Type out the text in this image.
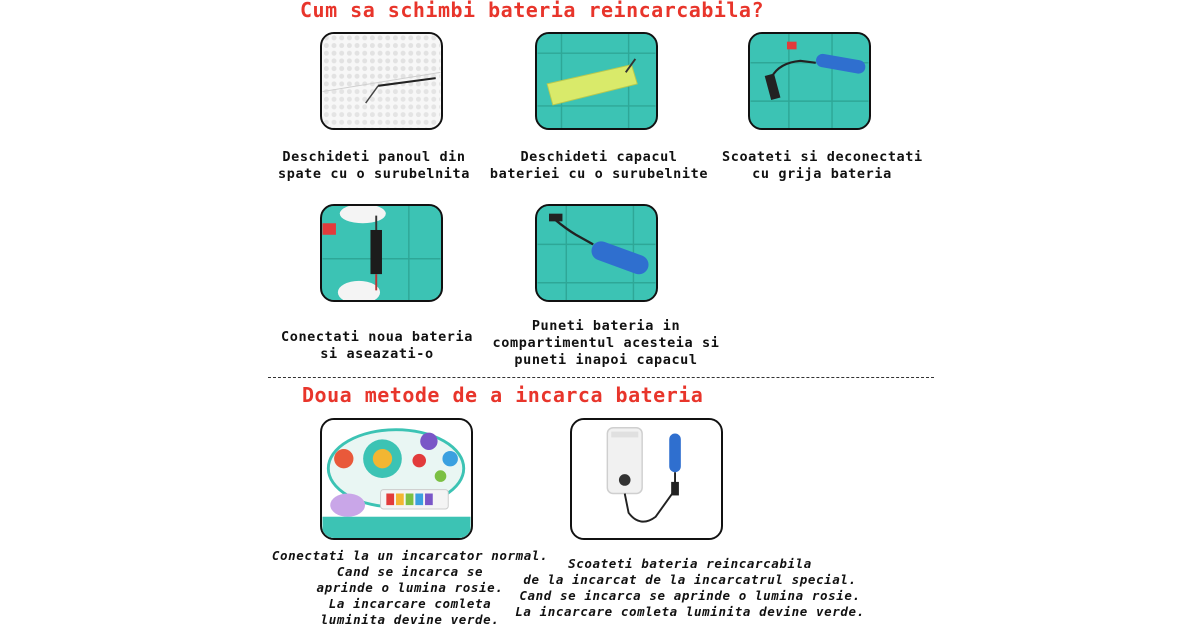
Cum sa schimbi bateria reincarcabila?

Deschideti panoul din
spate cu o surubelnita

Deschideti capacul
bateriei cu o surubelnite

Scoateti si deconectati
cu grija bateria

Conectati noua bateria
si aseazati-o

Puneti bateria in
compartimentul acesteia si
puneti inapoi capacul

Doua metode de a incarca bateria

Conectati la un incarcator normal.
Cand se incarca se
aprinde o lumina rosie.
La incarcare comleta
luminita devine verde.

Scoateti bateria reincarcabila
de la incarcat de la incarcatrul special.
Cand se incarca se aprinde o lumina rosie.
La incarcare comleta luminita devine verde.
